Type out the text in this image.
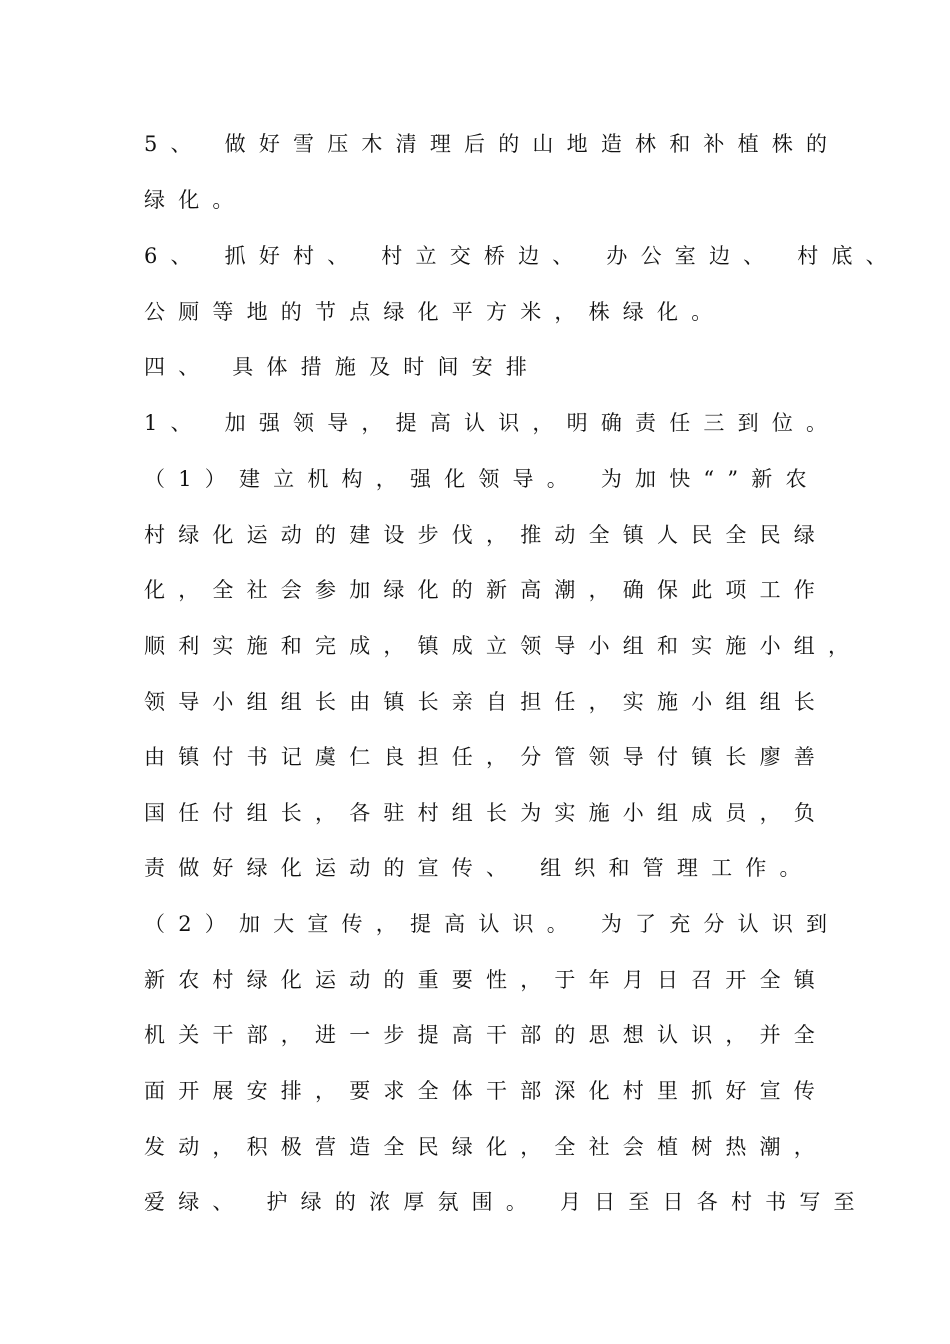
5、 做好雪压木清理后的山地造林和补植株的
绿化。
6、 抓好村、 村立交桥边、 办公室边、 村底、
公厕等地的节点绿化平方米，株绿化。
四、 具体措施及时间安排
1、 加强领导，提高认识，明确责任三到位。
（1）建立机构，强化领导。 为加快“”新农
村绿化运动的建设步伐，推动全镇人民全民绿
化，全社会参加绿化的新高潮，确保此项工作
顺利实施和完成，镇成立领导小组和实施小组，
领导小组组长由镇长亲自担任，实施小组组长
由镇付书记虞仁良担任，分管领导付镇长廖善
国任付组长，各驻村组长为实施小组成员，负
责做好绿化运动的宣传、 组织和管理工作。
（2）加大宣传，提高认识。 为了充分认识到
新农村绿化运动的重要性，于年月日召开全镇
机关干部，进一步提高干部的思想认识，并全
面开展安排，要求全体干部深化村里抓好宣传
发动，积极营造全民绿化，全社会植树热潮，
爱绿、 护绿的浓厚氛围。 月日至日各村书写至
